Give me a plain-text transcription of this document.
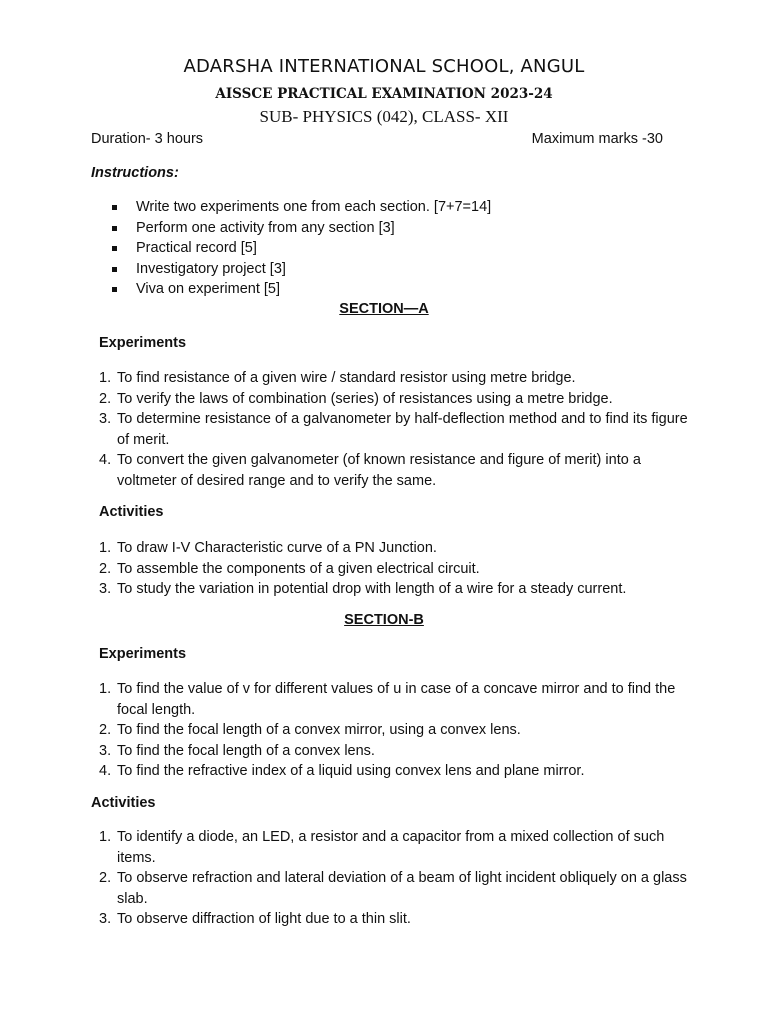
ADARSHA INTERNATIONAL SCHOOL, ANGUL
AISSCE PRACTICAL EXAMINATION 2023-24
SUB- PHYSICS (042), CLASS- XII
Duration- 3 hours	Maximum marks -30
Instructions:
Write two experiments one from each section. [7+7=14]
Perform one activity from any section [3]
Practical record [5]
Investigatory project [3]
Viva on experiment [5]
SECTION—A
Experiments
1. To find resistance of a given wire / standard resistor using metre bridge.
2. To verify the laws of combination (series) of resistances using a metre bridge.
3. To determine resistance of a galvanometer by half-deflection method and to find its figure of merit.
4. To convert the given galvanometer (of known resistance and figure of merit) into a voltmeter of desired range and to verify the same.
Activities
1. To draw I-V Characteristic curve of a PN Junction.
2. To assemble the components of a given electrical circuit.
3. To study the variation in potential drop with length of a wire for a steady current.
SECTION-B
Experiments
1. To find the value of v for different values of u in case of a concave mirror and to find the focal length.
2. To find the focal length of a convex mirror, using a convex lens.
3. To find the focal length of a convex lens.
4. To find the refractive index of a liquid using convex lens and plane mirror.
Activities
1. To identify a diode, an LED, a resistor and a capacitor from a mixed collection of such items.
2. To observe refraction and lateral deviation of a beam of light incident obliquely on a glass slab.
3. To observe diffraction of light due to a thin slit.
